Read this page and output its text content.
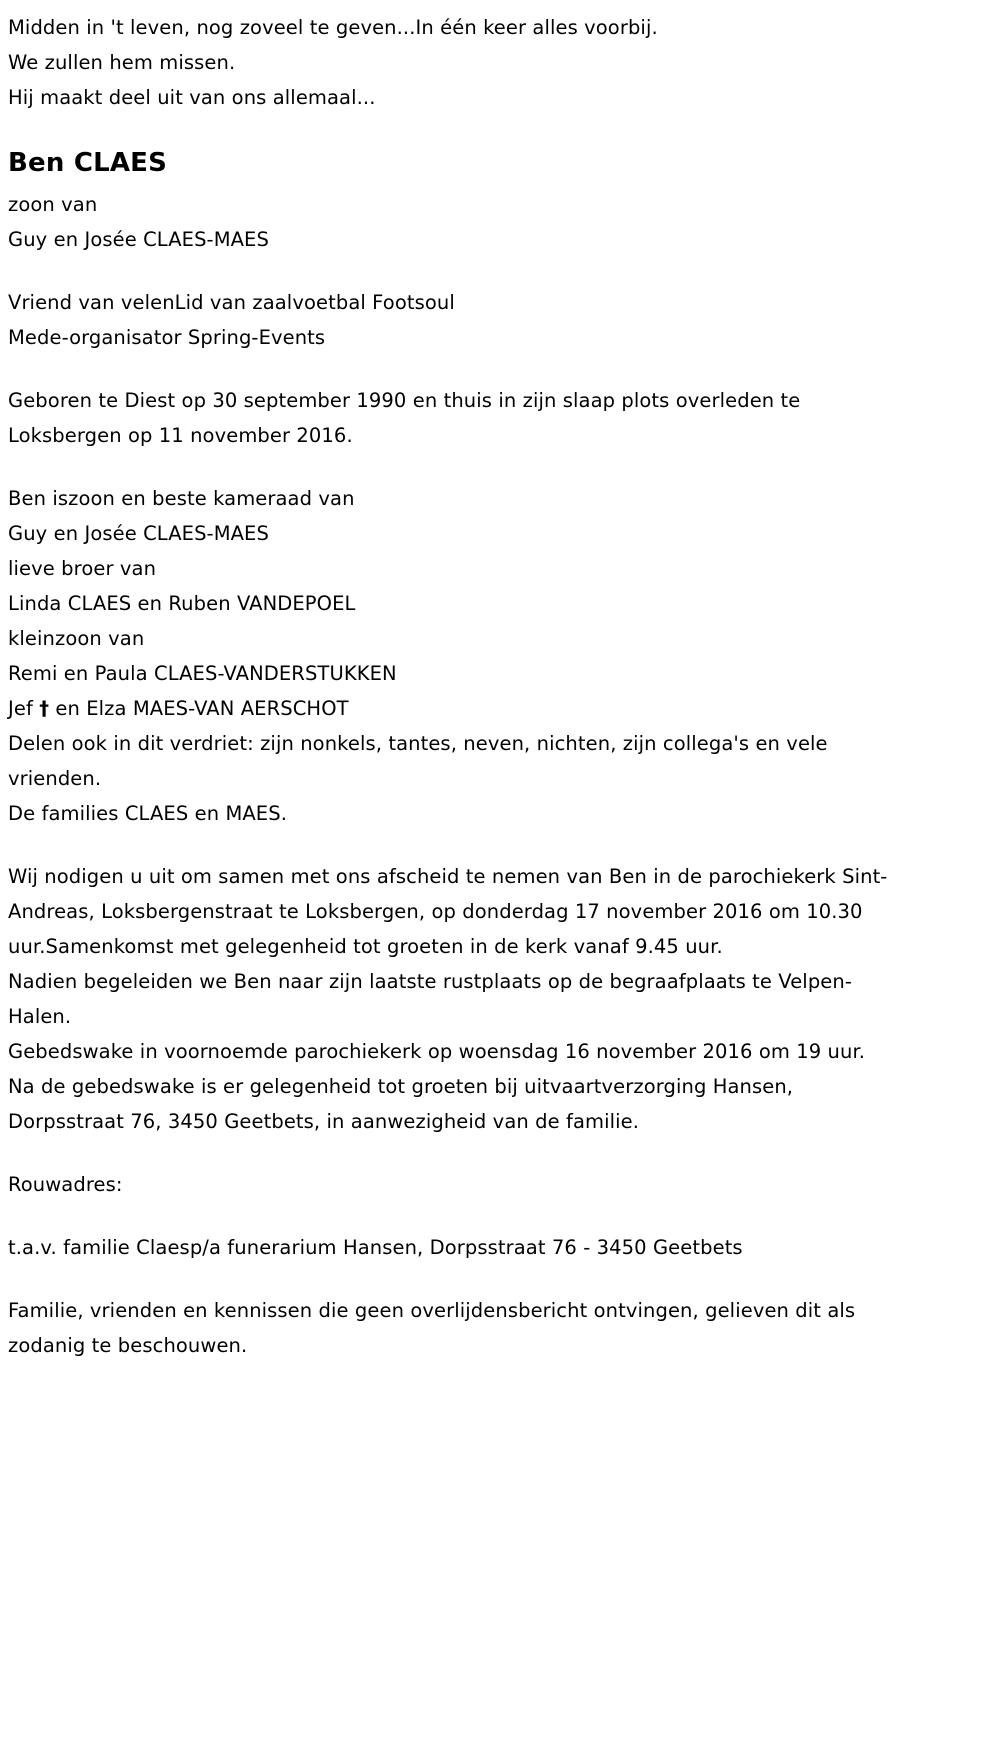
Midden in 't leven, nog zoveel te geven...In één keer alles voorbij.
We zullen hem missen.
Hij maakt deel uit van ons allemaal...
Ben CLAES
zoon van
Guy en Josée CLAES-MAES
Vriend van velenLid van zaalvoetbal Footsoul
Mede-organisator Spring-Events
Geboren te Diest op 30 september 1990 en thuis in zijn slaap plots overleden te Loksbergen op 11 november 2016.
Ben iszoon en beste kameraad van
Guy en Josée CLAES-MAES
lieve broer van
Linda CLAES en Ruben VANDEPOEL
kleinzoon van
Remi en Paula CLAES-VANDERSTUKKEN
Jef † en Elza MAES-VAN AERSCHOT
Delen ook in dit verdriet: zijn nonkels, tantes, neven, nichten, zijn collega's en vele vrienden.
De families CLAES en MAES.
Wij nodigen u uit om samen met ons afscheid te nemen van Ben in de parochiekerk Sint-Andreas, Loksbergenstraat te Loksbergen, op donderdag 17 november 2016 om 10.30 uur.Samenkomst met gelegenheid tot groeten in de kerk vanaf 9.45 uur.
Nadien begeleiden we Ben naar zijn laatste rustplaats op de begraafplaats te Velpen-Halen.
Gebedswake in voornoemde parochiekerk op woensdag 16 november 2016 om 19 uur.
Na de gebedswake is er gelegenheid tot groeten bij uitvaartverzorging Hansen, Dorpsstraat 76, 3450 Geetbets, in aanwezigheid van de familie.
Rouwadres:
t.a.v. familie Claesp/a funerarium Hansen, Dorpsstraat 76 - 3450 Geetbets
Familie, vrienden en kennissen die geen overlijdensbericht ontvingen, gelieven dit als zodanig te beschouwen.
